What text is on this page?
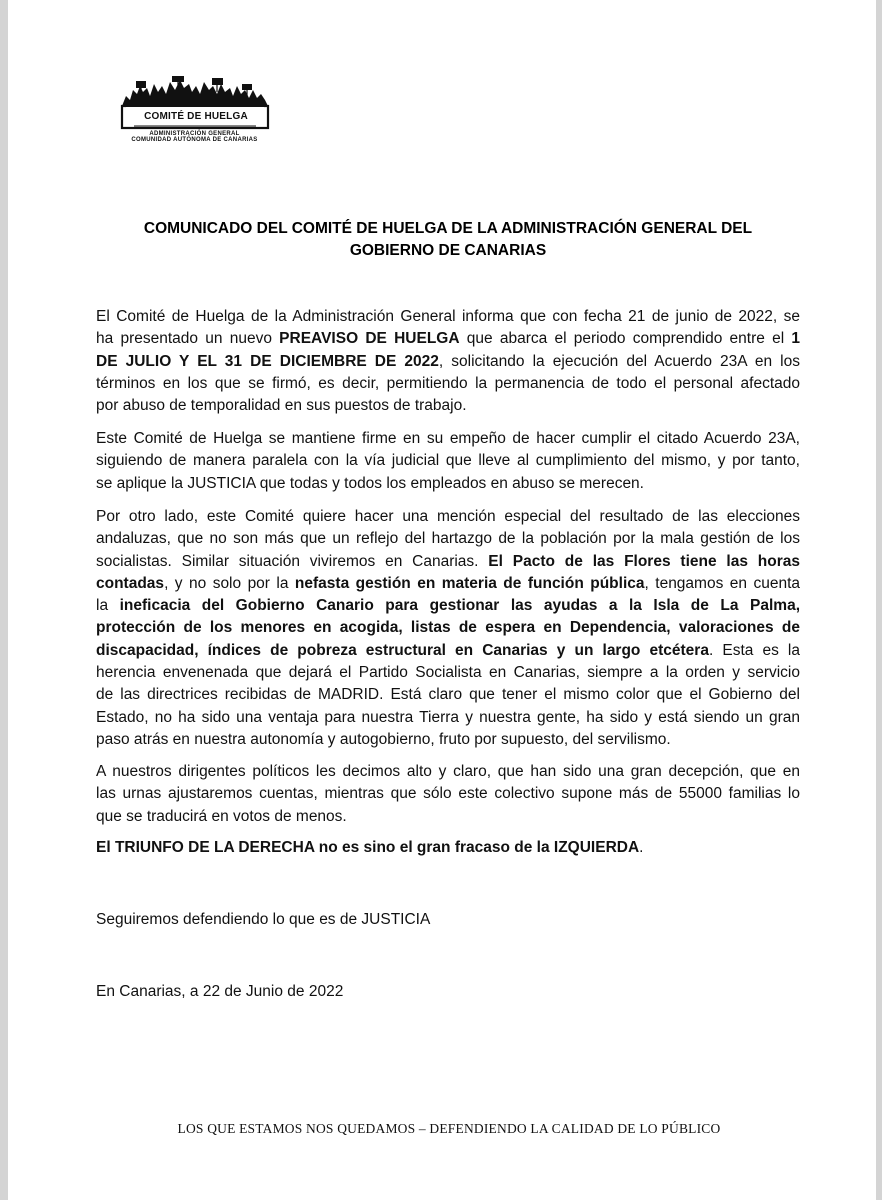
COMITÉ DE HUELGA
ADMINISTRACIÓN GENERAL
COMUNIDAD AUTÓNOMA DE CANARIAS
COMUNICADO DEL COMITÉ DE HUELGA DE LA ADMINISTRACIÓN GENERAL DEL
GOBIERNO DE CANARIAS
El Comité de Huelga de la Administración General informa que con fecha 21 de junio de 2022, se
ha presentado un nuevo PREAVISO DE HUELGA que abarca el periodo comprendido entre el 1
DE JULIO Y EL 31 DE DICIEMBRE DE 2022, solicitando la ejecución del Acuerdo 23A en los
términos en los que se firmó, es decir, permitiendo la permanencia de todo el personal afectado
por abuso de temporalidad en sus puestos de trabajo.
Este Comité de Huelga se mantiene firme en su empeño de hacer cumplir el citado Acuerdo 23A,
siguiendo de manera paralela con la vía judicial que lleve al cumplimiento del mismo, y por tanto,
se aplique la JUSTICIA que todas y todos los empleados en abuso se merecen.
Por otro lado, este Comité quiere hacer una mención especial del resultado de las elecciones
andaluzas, que no son más que un reflejo del hartazgo de la población por la mala gestión de los
socialistas. Similar situación viviremos en Canarias. El Pacto de las Flores tiene las horas
contadas, y no solo por la nefasta gestión en materia de función pública, tengamos en cuenta
la ineficacia del Gobierno Canario para gestionar las ayudas a la Isla de La Palma,
protección de los menores en acogida, listas de espera en Dependencia, valoraciones de
discapacidad, índices de pobreza estructural en Canarias y un largo etcétera. Esta es la
herencia envenenada que dejará el Partido Socialista en Canarias, siempre a la orden y servicio
de las directrices recibidas de MADRID. Está claro que tener el mismo color que el Gobierno del
Estado, no ha sido una ventaja para nuestra Tierra y nuestra gente, ha sido y está siendo un gran
paso atrás en nuestra autonomía y autogobierno, fruto por supuesto, del servilismo.
A nuestros dirigentes políticos les decimos alto y claro, que han sido una gran decepción, que en
las urnas ajustaremos cuentas, mientras que sólo este colectivo supone más de 55000 familias lo
que se traducirá en votos de menos.
El TRIUNFO DE LA DERECHA no es sino el gran fracaso de la IZQUIERDA.
Seguiremos defendiendo lo que es de JUSTICIA
En Canarias, a 22 de Junio de 2022
LOS QUE ESTAMOS NOS QUEDAMOS – DEFENDIENDO LA CALIDAD DE LO PÚBLICO
